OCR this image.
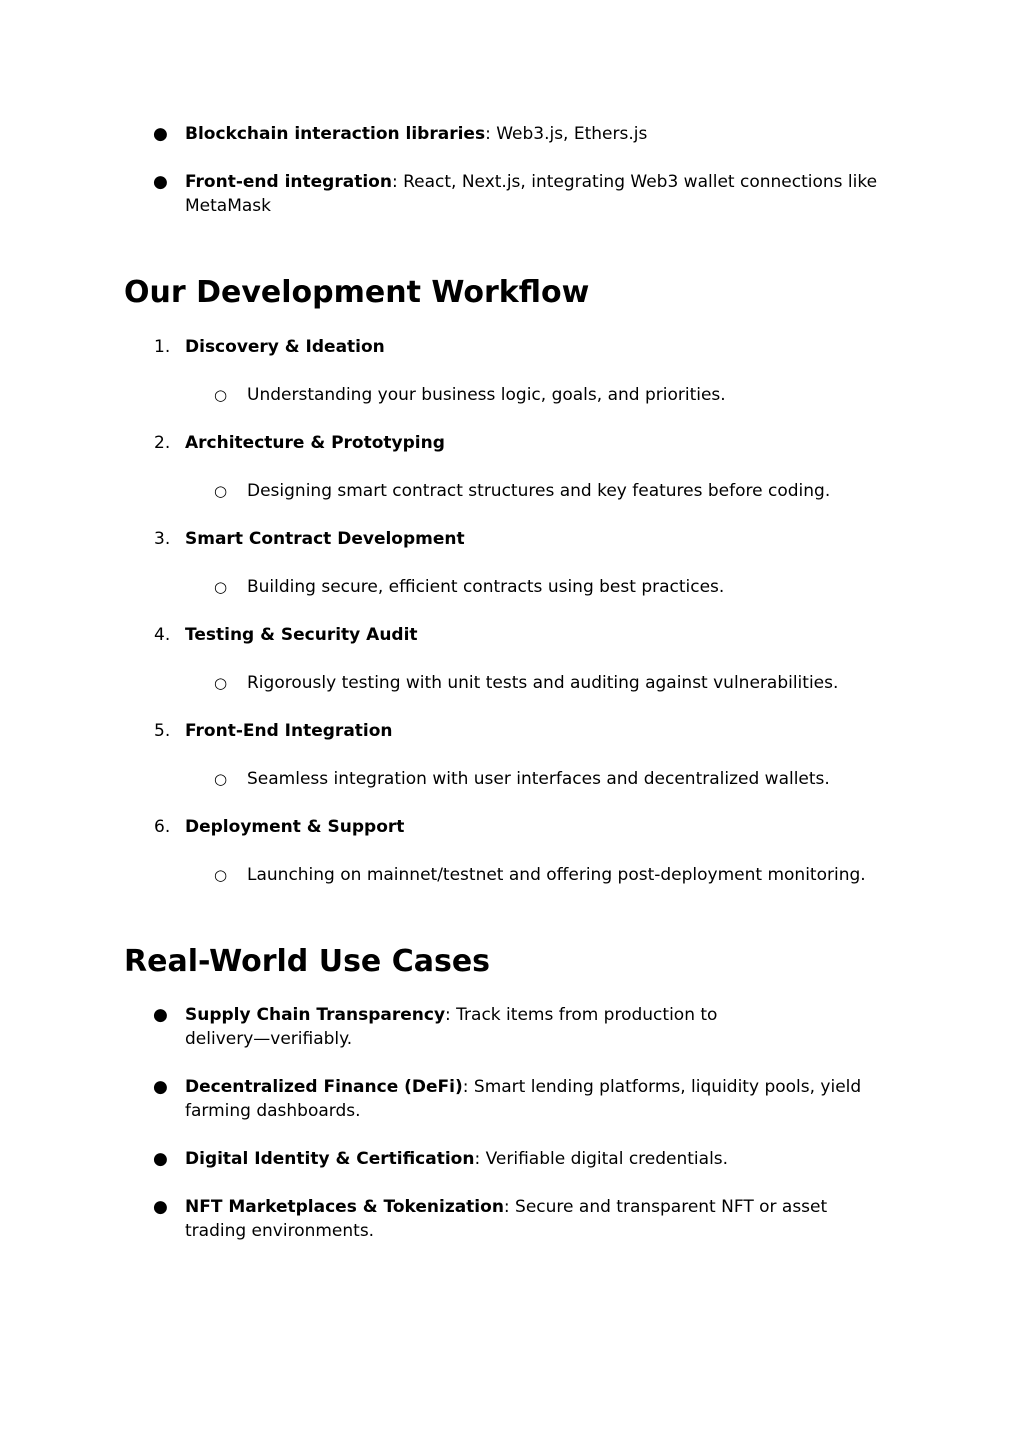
● Blockchain interaction libraries: Web3.js, Ethers.js
● Front-end integration: React, Next.js, integrating Web3 wallet connections like
MetaMask
Our Development Workflow
1. Discovery & Ideation
○ Understanding your business logic, goals, and priorities.
2. Architecture & Prototyping
○ Designing smart contract structures and key features before coding.
3. Smart Contract Development
○ Building secure, efficient contracts using best practices.
4. Testing & Security Audit
○ Rigorously testing with unit tests and auditing against vulnerabilities.
5. Front-End Integration
○ Seamless integration with user interfaces and decentralized wallets.
6. Deployment & Support
○ Launching on mainnet/testnet and offering post-deployment monitoring.
Real-World Use Cases
● Supply Chain Transparency: Track items from production to
delivery—verifiably.
● Decentralized Finance (DeFi): Smart lending platforms, liquidity pools, yield
farming dashboards.
● Digital Identity & Certification: Verifiable digital credentials.
● NFT Marketplaces & Tokenization: Secure and transparent NFT or asset
trading environments.
